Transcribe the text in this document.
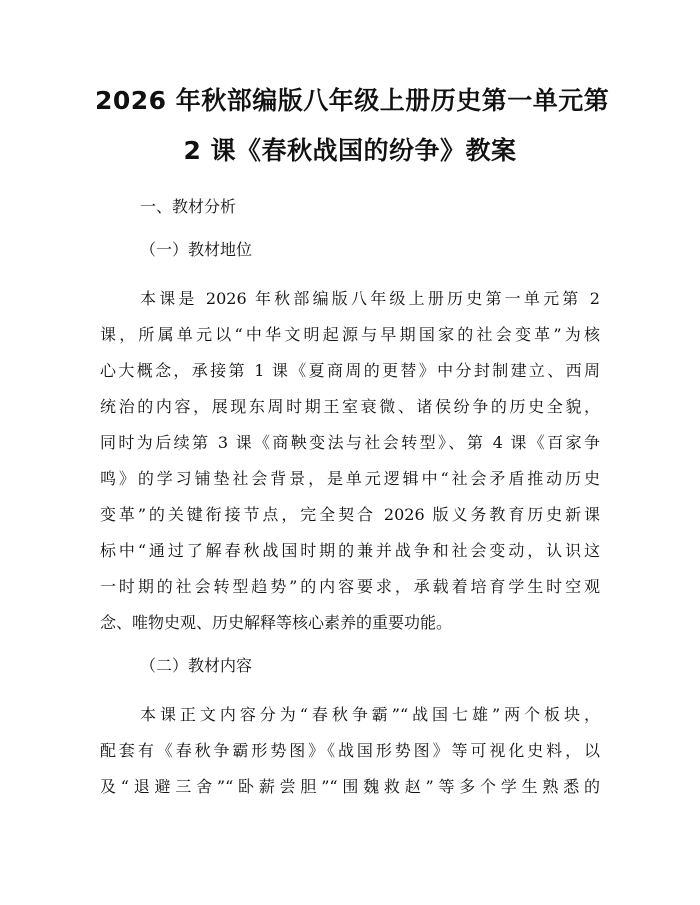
2026 年秋部编版八年级上册历史第一单元第
2 课《春秋战国的纷争》教案
一、教材分析
（一）教材地位
本课是 2026 年秋部编版八年级上册历史第一单元第 2
课，所属单元以“中华文明起源与早期国家的社会变革”为核
心大概念，承接第 1 课《夏商周的更替》中分封制建立、西周
统治的内容，展现东周时期王室衰微、诸侯纷争的历史全貌，
同时为后续第 3 课《商鞅变法与社会转型》、第 4 课《百家争
鸣》的学习铺垫社会背景，是单元逻辑中“社会矛盾推动历史
变革”的关键衔接节点，完全契合 2026 版义务教育历史新课
标中“通过了解春秋战国时期的兼并战争和社会变动，认识这
一时期的社会转型趋势”的内容要求，承载着培育学生时空观
念、唯物史观、历史解释等核心素养的重要功能。
（二）教材内容
本课正文内容分为“春秋争霸”“战国七雄”两个板块，
配套有《春秋争霸形势图》《战国形势图》等可视化史料，以
及“退避三舍”“卧薪尝胆”“围魏救赵”等多个学生熟悉的
